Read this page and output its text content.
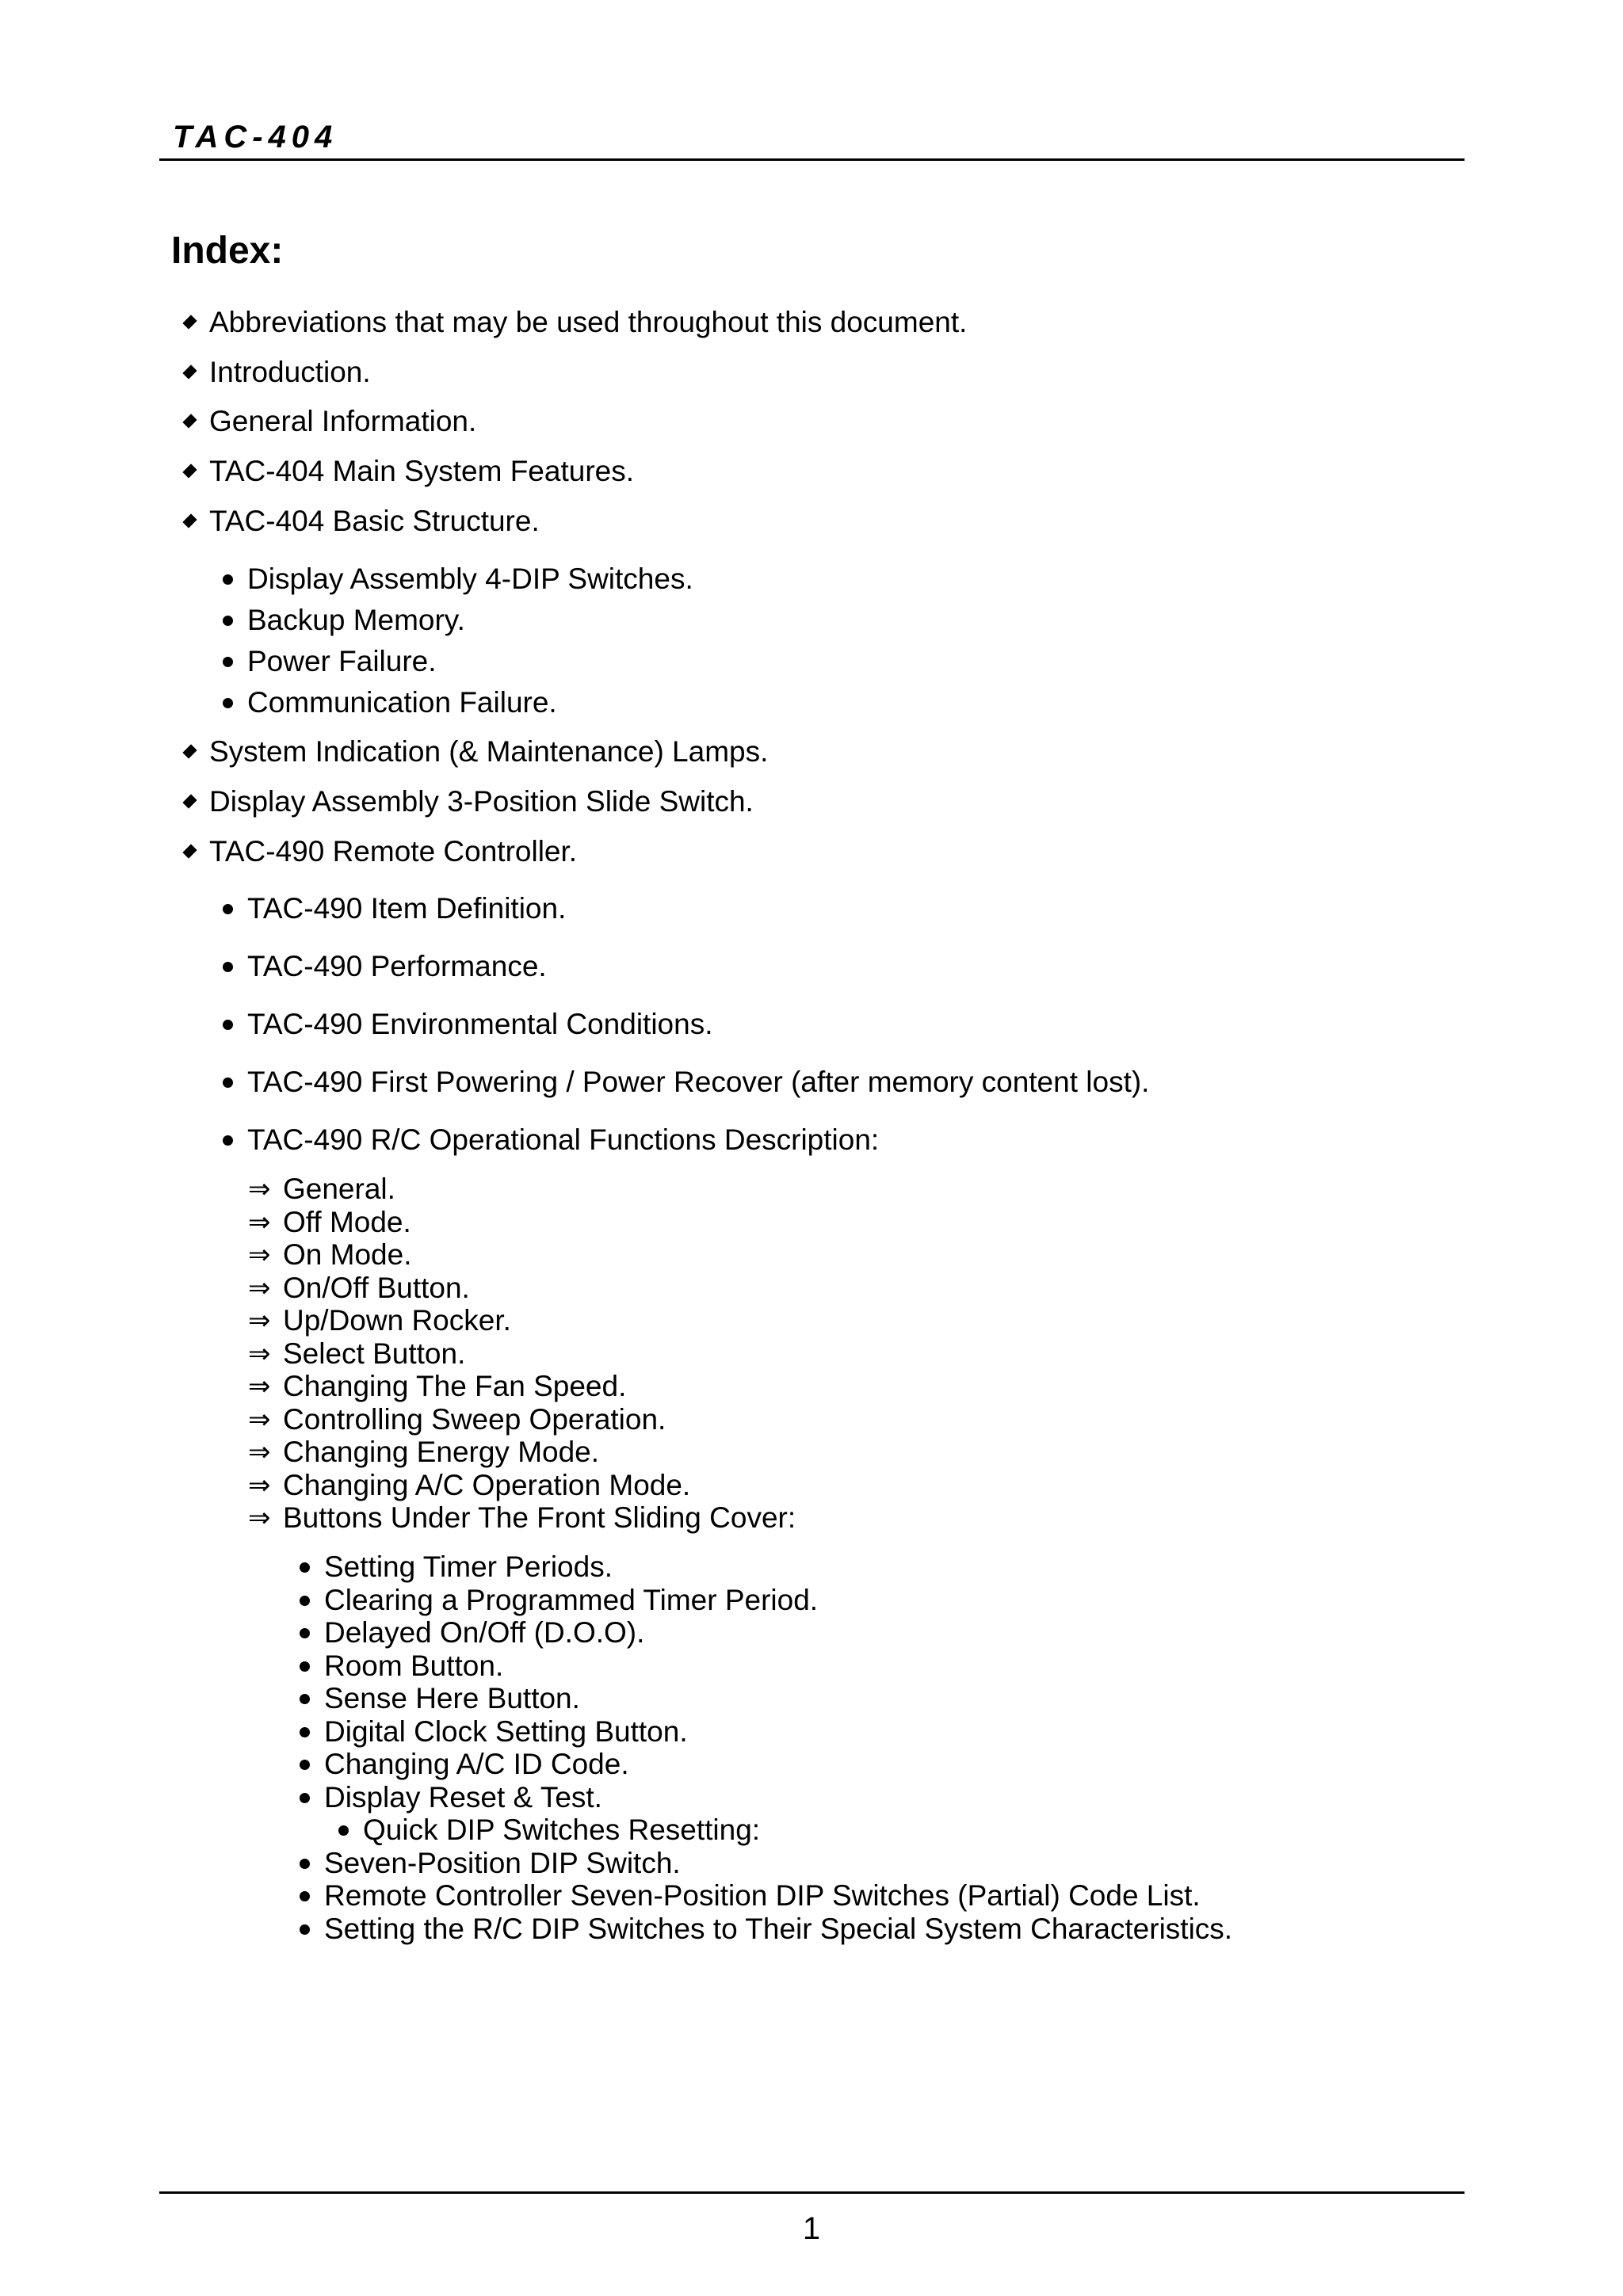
TAC-404
Index:
Abbreviations that may be used throughout this document.
Introduction.
General Information.
TAC-404 Main System Features.
TAC-404 Basic Structure.
Display Assembly 4-DIP Switches.
Backup Memory.
Power Failure.
Communication Failure.
System Indication (& Maintenance) Lamps.
Display Assembly 3-Position Slide Switch.
TAC-490 Remote Controller.
TAC-490 Item Definition.
TAC-490 Performance.
TAC-490 Environmental Conditions.
TAC-490 First Powering / Power Recover (after memory content lost).
TAC-490 R/C Operational Functions Description:
⇒ General.
⇒ Off Mode.
⇒ On Mode.
⇒ On/Off Button.
⇒ Up/Down Rocker.
⇒ Select Button.
⇒ Changing The Fan Speed.
⇒ Controlling Sweep Operation.
⇒ Changing Energy Mode.
⇒ Changing A/C Operation Mode.
⇒ Buttons Under The Front Sliding Cover:
Setting Timer Periods.
Clearing a Programmed Timer Period.
Delayed On/Off (D.O.O).
Room Button.
Sense Here Button.
Digital Clock Setting Button.
Changing A/C ID Code.
Display Reset & Test.
Quick DIP Switches Resetting:
Seven-Position DIP Switch.
Remote Controller Seven-Position DIP Switches (Partial) Code List.
Setting the R/C DIP Switches to Their Special System Characteristics.
1
